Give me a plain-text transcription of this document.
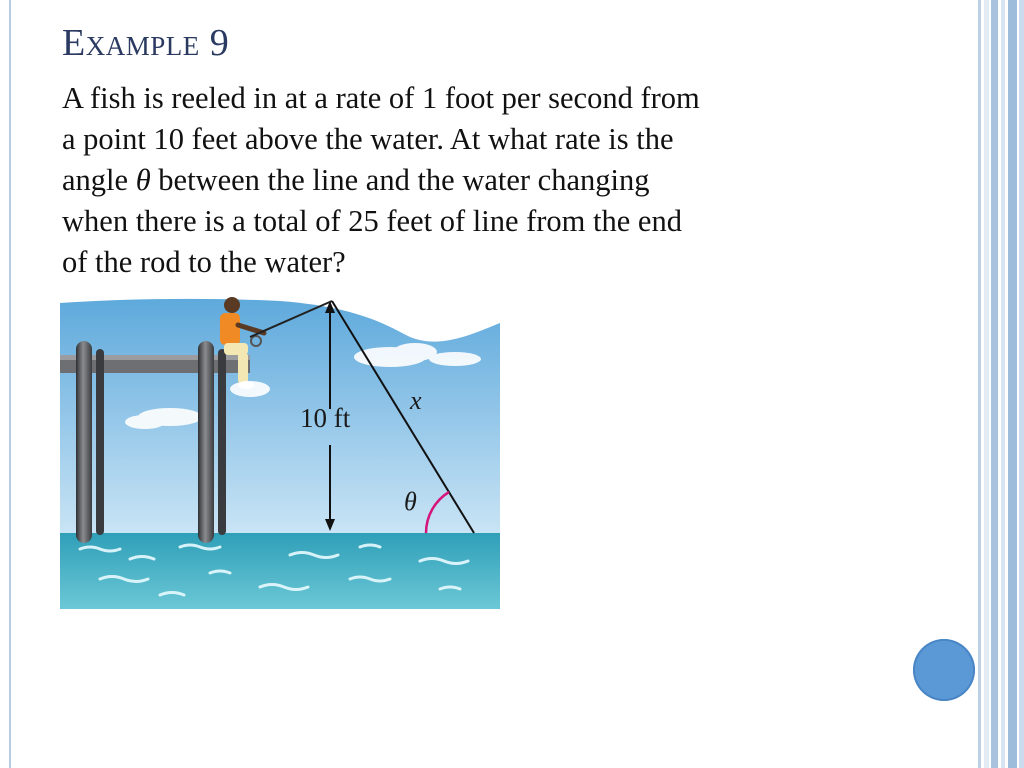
Example 9
A fish is reeled in at a rate of 1 foot per second from
a point 10 feet above the water. At what rate is the
angle θ between the line and the water changing
when there is a total of 25 feet of line from the end
of the rod to the water?
10 ft
x
θ
